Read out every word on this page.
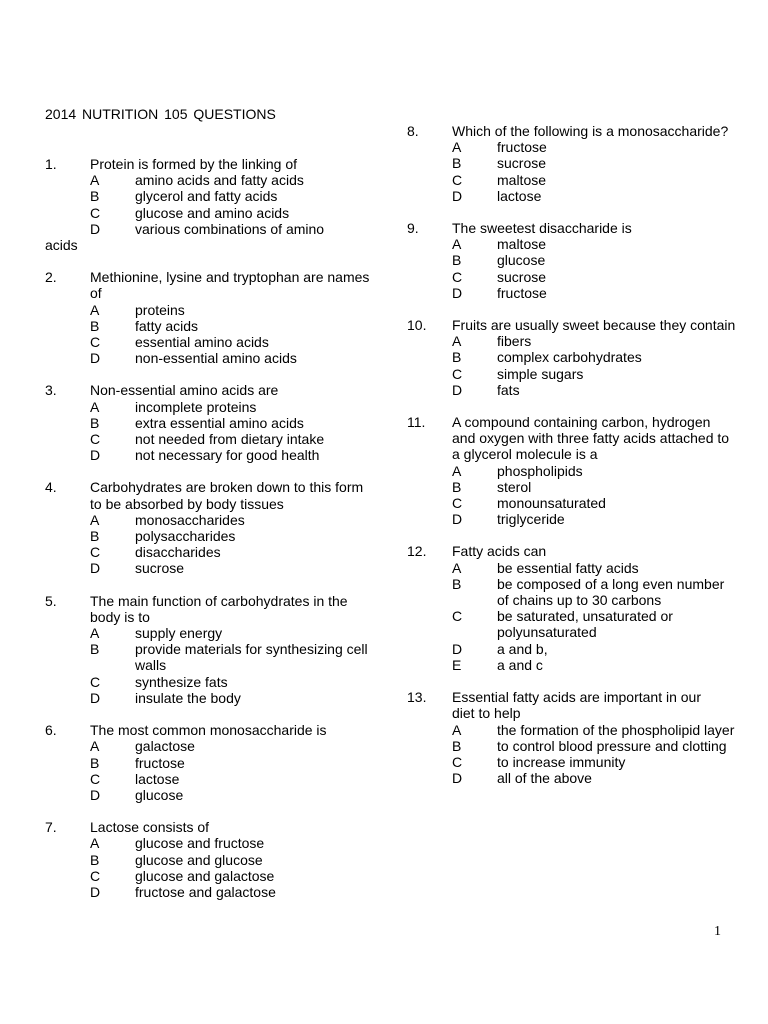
2014 NUTRITION 105 QUESTIONS
1.	Protein is formed by the linking of
A	amino acids and fatty acids
B	glycerol and fatty acids
C	glucose and amino acids
D	various combinations of amino
acids
2.	Methionine, lysine and tryptophan are names of
A	proteins
B	fatty acids
C	essential amino acids
D	non-essential amino acids
3.	Non-essential amino acids are
A	incomplete proteins
B	extra essential amino acids
C	not needed from dietary intake
D	not necessary for good health
4.	Carbohydrates are broken down to this form to be absorbed by body tissues
A	monosaccharides
B	polysaccharides
C	disaccharides
D	sucrose
5.	The main function of carbohydrates in the body is to
A	supply energy
B	provide materials for synthesizing cell walls
C	synthesize fats
D	insulate the body
6.	The most common monosaccharide is
A	galactose
B	fructose
C	lactose
D	glucose
7.	Lactose consists of
A	glucose and fructose
B	glucose and glucose
C	glucose and galactose
D	fructose and galactose
8.	Which of the following is a monosaccharide?
A	fructose
B	sucrose
C	maltose
D	lactose
9.	The sweetest disaccharide is
A	maltose
B	glucose
C	sucrose
D	fructose
10.	Fruits are usually sweet because they contain
A	fibers
B	complex carbohydrates
C	simple sugars
D	fats
11.	A compound containing carbon, hydrogen and oxygen with three fatty acids attached to a glycerol molecule is a
A	phospholipids
B	sterol
C	monounsaturated
D	triglyceride
12.	Fatty acids can
A	be essential fatty acids
B	be composed of a long even number of chains up to 30 carbons
C	be saturated, unsaturated or polyunsaturated
D	a and b,
E	a and c
13.	Essential fatty acids are important in our
diet to help
A	the formation of the phospholipid layer
B	to control blood pressure and clotting
C	to increase immunity
D	all of the above
1
